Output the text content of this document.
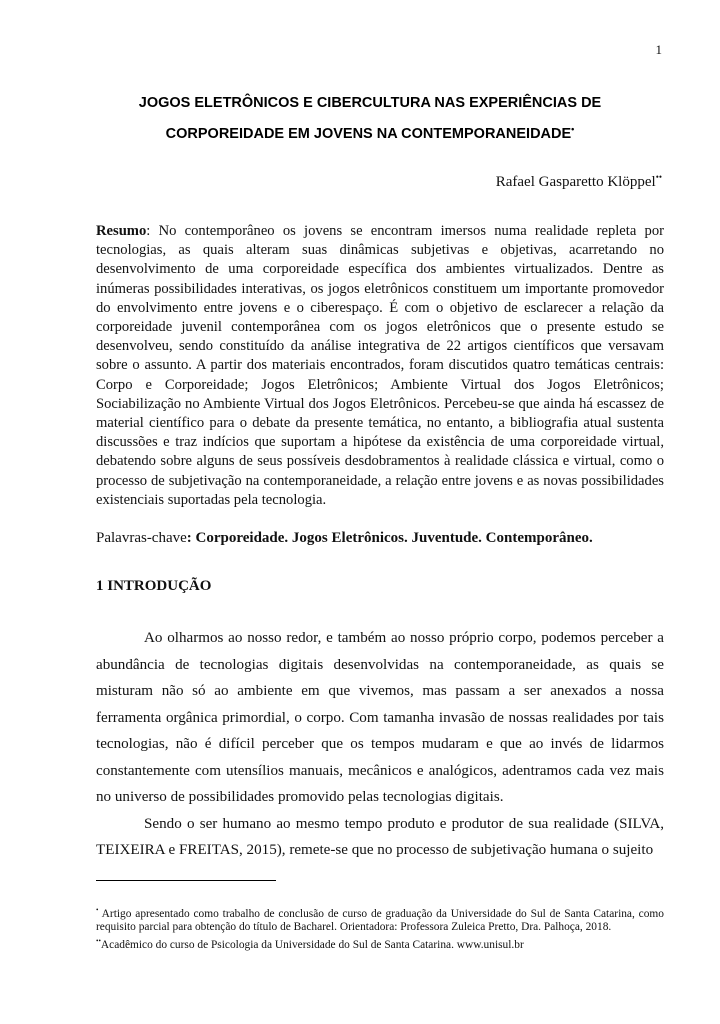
1
JOGOS ELETRÔNICOS E CIBERCULTURA NAS EXPERIÊNCIAS DE
CORPOREIDADE EM JOVENS NA CONTEMPORANEIDADE•
Rafael Gasparetto Klöppel••

Resumo: No contemporâneo os jovens se encontram imersos numa realidade repleta por tecnologias, as quais alteram suas dinâmicas subjetivas e objetivas, acarretando no desenvolvimento de uma corporeidade específica dos ambientes virtualizados. Dentre as inúmeras possibilidades interativas, os jogos eletrônicos constituem um importante promovedor do envolvimento entre jovens e o ciberespaço. É com o objetivo de esclarecer a relação da corporeidade juvenil contemporânea com os jogos eletrônicos que o presente estudo se desenvolveu, sendo constituído da análise integrativa de 22 artigos científicos que versavam sobre o assunto. A partir dos materiais encontrados, foram discutidos quatro temáticas centrais: Corpo e Corporeidade; Jogos Eletrônicos; Ambiente Virtual dos Jogos Eletrônicos; Sociabilização no Ambiente Virtual dos Jogos Eletrônicos. Percebeu-se que ainda há escassez de material científico para o debate da presente temática, no entanto, a bibliografia atual sustenta discussões e traz indícios que suportam a hipótese da existência de uma corporeidade virtual, debatendo sobre alguns de seus possíveis desdobramentos à realidade clássica e virtual, como o processo de subjetivação na contemporaneidade, a relação entre jovens e as novas possibilidades existenciais suportadas pela tecnologia.

Palavras-chave: Corporeidade. Jogos Eletrônicos. Juventude. Contemporâneo.
1 INTRODUÇÃO

Ao olharmos ao nosso redor, e também ao nosso próprio corpo, podemos perceber a abundância de tecnologias digitais desenvolvidas na contemporaneidade, as quais se misturam não só ao ambiente em que vivemos, mas passam a ser anexados a nossa ferramenta orgânica primordial, o corpo. Com tamanha invasão de nossas realidades por tais tecnologias, não é difícil perceber que os tempos mudaram e que ao invés de lidarmos constantemente com utensílios manuais, mecânicos e analógicos, adentramos cada vez mais no universo de possibilidades promovido pelas tecnologias digitais.

Sendo o ser humano ao mesmo tempo produto e produtor de sua realidade (SILVA, TEIXEIRA e FREITAS, 2015), remete-se que no processo de subjetivação humana o sujeito

• Artigo apresentado como trabalho de conclusão de curso de graduação da Universidade do Sul de Santa Catarina, como requisito parcial para obtenção do título de Bacharel. Orientadora: Professora Zuleica Pretto, Dra. Palhoça, 2018.

••Acadêmico do curso de Psicologia da Universidade do Sul de Santa Catarina. www.unisul.br
